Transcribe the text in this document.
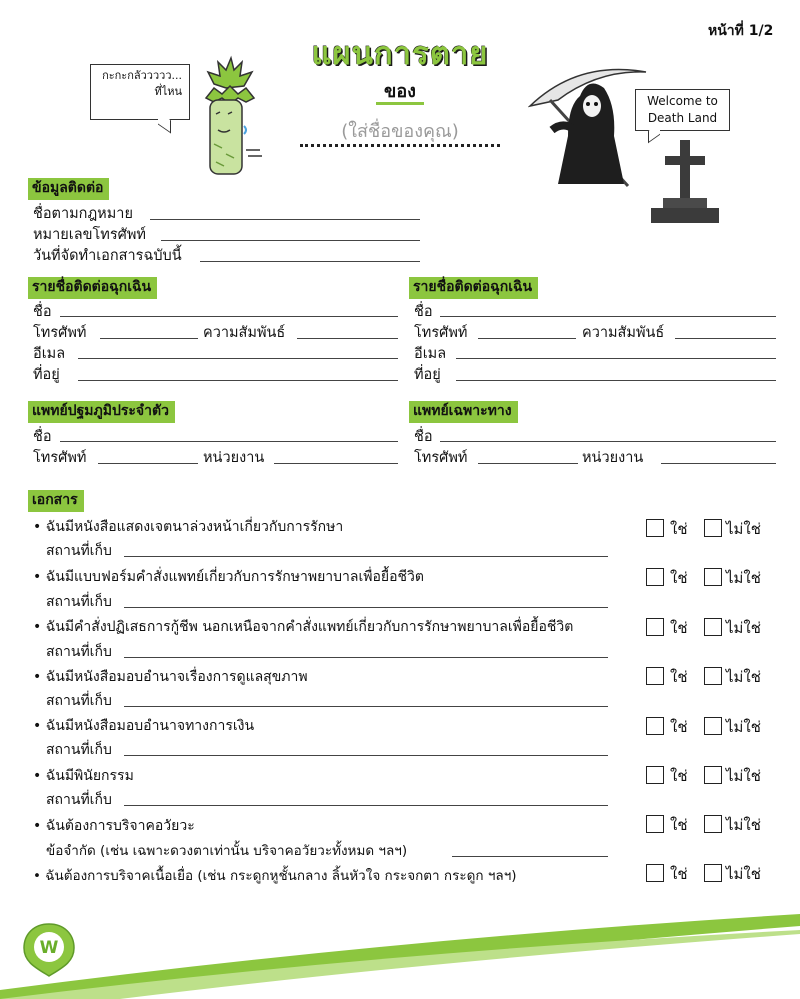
หน้าที่ 1/2
แผนการตาย
ของ
(ใส่ชื่อของคุณ)
กะกะกลัววววว...
ที่ไหน
Welcome to
Death Land
ข้อมูลติดต่อ
ชื่อตามกฎหมาย
หมายเลขโทรศัพท์
วันที่จัดทำเอกสารฉบับนี้
รายชื่อติดต่อฉุกเฉิน
ชื่อ
โทรศัพท์	ความสัมพันธ์
อีเมล
ที่อยู่
รายชื่อติดต่อฉุกเฉิน
ชื่อ
โทรศัพท์	ความสัมพันธ์
อีเมล
ที่อยู่
แพทย์ปฐมภูมิประจำตัว
ชื่อ
โทรศัพท์	หน่วยงาน
แพทย์เฉพาะทาง
ชื่อ
โทรศัพท์	หน่วยงาน
เอกสาร
• ฉันมีหนังสือแสดงเจตนาล่วงหน้าเกี่ยวกับการรักษา
สถานที่เก็บ
ใช่	ไม่ใช่
• ฉันมีแบบฟอร์มคำสั่งแพทย์เกี่ยวกับการรักษาพยาบาลเพื่อยื้อชีวิต
สถานที่เก็บ
ใช่	ไม่ใช่
• ฉันมีคำสั่งปฏิเสธการกู้ชีพ นอกเหนือจากคำสั่งแพทย์เกี่ยวกับการรักษาพยาบาลเพื่อยื้อชีวิต
สถานที่เก็บ
ใช่	ไม่ใช่
• ฉันมีหนังสือมอบอำนาจเรื่องการดูแลสุขภาพ
สถานที่เก็บ
ใช่	ไม่ใช่
• ฉันมีหนังสือมอบอำนาจทางการเงิน
สถานที่เก็บ
ใช่	ไม่ใช่
• ฉันมีพินัยกรรม
สถานที่เก็บ
ใช่	ไม่ใช่
• ฉันต้องการบริจาคอวัยวะ
ข้อจำกัด (เช่น เฉพาะดวงตาเท่านั้น บริจาคอวัยวะทั้งหมด ฯลฯ)
ใช่	ไม่ใช่
• ฉันต้องการบริจาคเนื้อเยื่อ (เช่น กระดูกหูชั้นกลาง ลิ้นหัวใจ กระจกตา กระดูก ฯลฯ)	ใช่	ไม่ใช่
W
